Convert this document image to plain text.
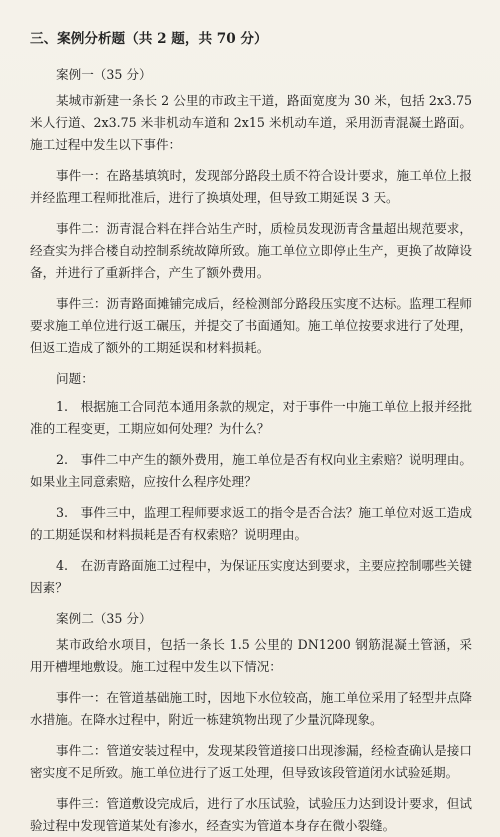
三、案例分析题（共 2 题，共 70 分）
案例一（35 分）

某城市新建一条长 2 公里的市政主干道，路面宽度为 30 米，包括 2x3.75 米人行道、2x3.75 米非机动车道和 2x15 米机动车道，采用沥青混凝土路面。施工过程中发生以下事件：

事件一：在路基填筑时，发现部分路段土质不符合设计要求，施工单位上报并经监理工程师批准后，进行了换填处理，但导致工期延误 3 天。

事件二：沥青混合料在拌合站生产时，质检员发现沥青含量超出规范要求，经查实为拌合楼自动控制系统故障所致。施工单位立即停止生产，更换了故障设备，并进行了重新拌合，产生了额外费用。

事件三：沥青路面摊铺完成后，经检测部分路段压实度不达标。监理工程师要求施工单位进行返工碾压，并提交了书面通知。施工单位按要求进行了处理，但返工造成了额外的工期延误和材料损耗。

问题：

1.　根据施工合同范本通用条款的规定，对于事件一中施工单位上报并经批准的工程变更，工期应如何处理？为什么？

2.　事件二中产生的额外费用，施工单位是否有权向业主索赔？说明理由。如果业主同意索赔，应按什么程序处理？

3.　事件三中，监理工程师要求返工的指令是否合法？施工单位对返工造成的工期延误和材料损耗是否有权索赔？说明理由。

4.　在沥青路面施工过程中，为保证压实度达到要求，主要应控制哪些关键因素？

案例二（35 分）

某市政给水项目，包括一条长 1.5 公里的 DN1200 钢筋混凝土管涵，采用开槽埋地敷设。施工过程中发生以下情况：

事件一：在管道基础施工时，因地下水位较高，施工单位采用了轻型井点降水措施。在降水过程中，附近一栋建筑物出现了少量沉降现象。

事件二：管道安装过程中，发现某段管道接口出现渗漏，经检查确认是接口密实度不足所致。施工单位进行了返工处理，但导致该段管道闭水试验延期。

事件三：管道敷设完成后，进行了水压试验，试验压力达到设计要求，但试验过程中发现管道某处有渗水，经查实为管道本身存在微小裂缝。
